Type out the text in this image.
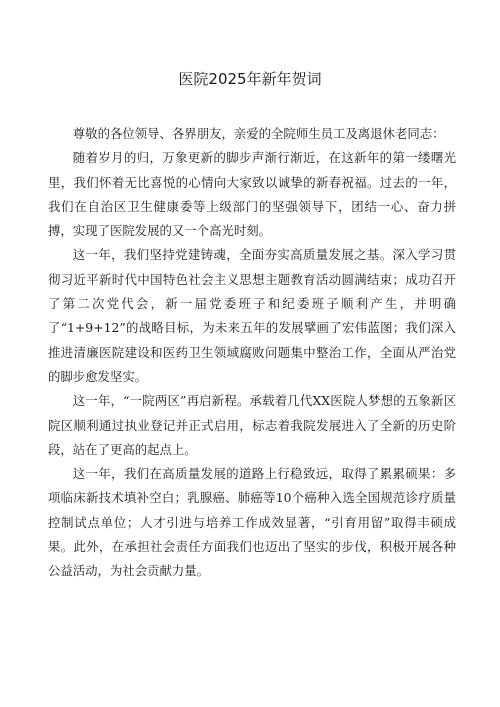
医院2025年新年贺词

尊敬的各位领导、各界朋友，亲爱的全院师生员工及离退休老同志：

随着岁月的归，万象更新的脚步声渐行渐近，在这新年的第一缕曙光里，我们怀着无比喜悦的心情向大家致以诚挚的新春祝福。过去的一年，我们在自治区卫生健康委等上级部门的坚强领导下，团结一心、奋力拼搏，实现了医院发展的又一个高光时刻。

这一年，我们坚持党建铸魂，全面夯实高质量发展之基。深入学习贯彻习近平新时代中国特色社会主义思想主题教育活动圆满结束；成功召开了第二次党代会，新一届党委班子和纪委班子顺利产生，并明确了“1+9+12”的战略目标，为未来五年的发展擘画了宏伟蓝图；我们深入推进清廉医院建设和医药卫生领域腐败问题集中整治工作，全面从严治党的脚步愈发坚实。

这一年，“一院两区”再启新程。承载着几代XX医院人梦想的五象新区院区顺利通过执业登记并正式启用，标志着我院发展进入了全新的历史阶段，站在了更高的起点上。

这一年，我们在高质量发展的道路上行稳致远，取得了累累硕果：多项临床新技术填补空白；乳腺癌、肺癌等10个癌种入选全国规范诊疗质量控制试点单位；人才引进与培养工作成效显著，“引育用留”取得丰硕成果。此外，在承担社会责任方面我们也迈出了坚实的步伐，积极开展各种公益活动，为社会贡献力量。
